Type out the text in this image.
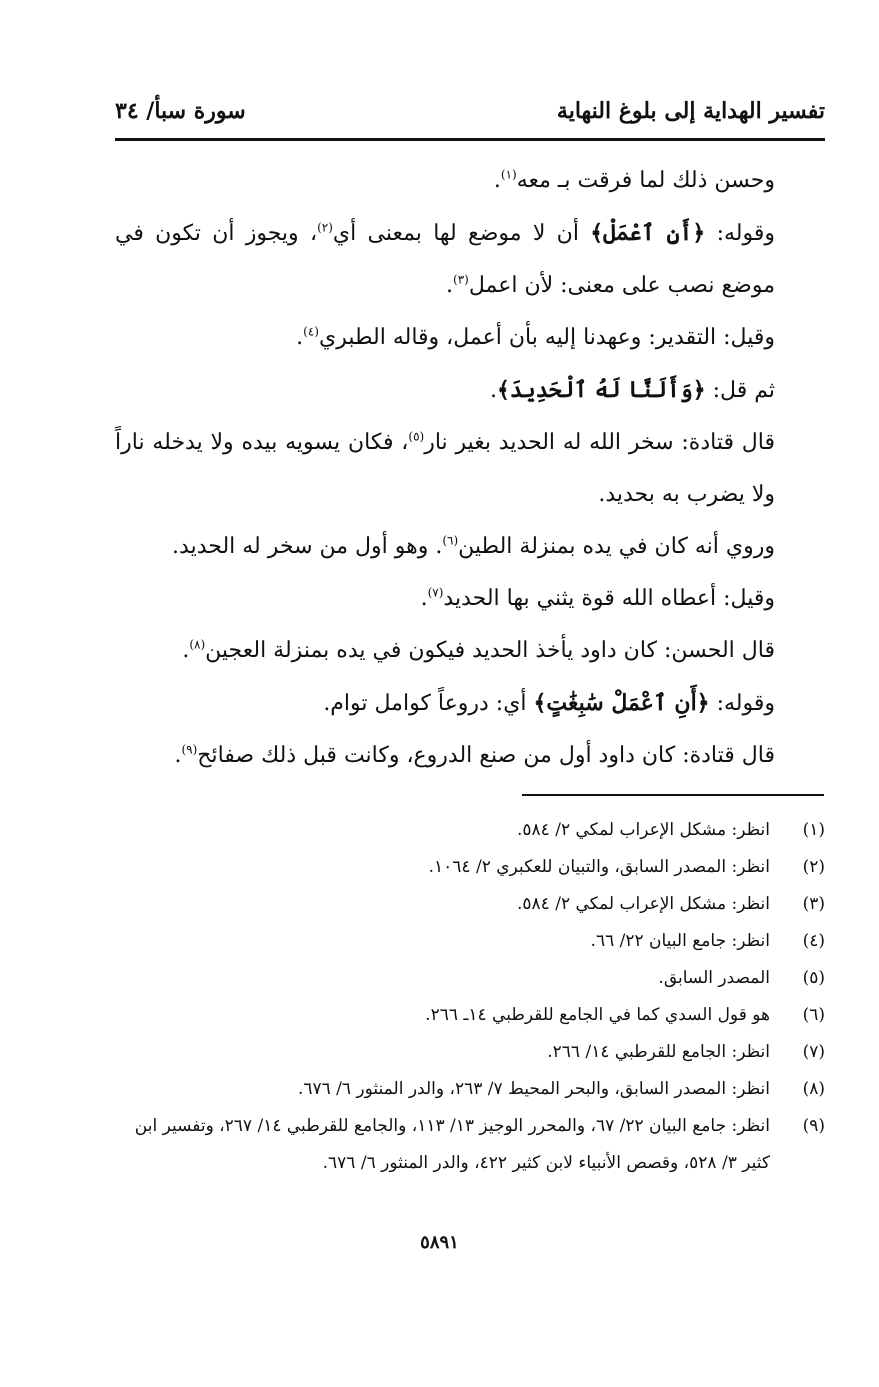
تفسير الهداية إلى بلوغ النهاية
سورة سبأ/ ٣٤

وحسن ذلك لما فرقت بـ معه$^{(١)}$.

وقوله: ﴿أَنِ ٱعْمَلْ﴾ أن لا موضع لها بمعنى أي$^{(٢)}$، ويجوز أن تكون في موضع نصب على معنى: لأن اعمل$^{(٣)}$.

وقيل: التقدير: وعهدنا إليه بأن أعمل، وقاله الطبري$^{(٤)}$.

ثم قل: ﴿وَأَلَنَّا لَهُ ٱلْحَدِيدَ﴾.

قال قتادة: سخر الله له الحديد بغير نار$^{(٥)}$، فكان يسويه بيده ولا يدخله ناراً ولا يضرب به بحديد.

وروي أنه كان في يده بمنزلة الطين$^{(٦)}$. وهو أول من سخر له الحديد.

وقيل: أعطاه الله قوة يثني بها الحديد$^{(٧)}$.

قال الحسن: كان داود يأخذ الحديد فيكون في يده بمنزلة العجين$^{(٨)}$.

وقوله: ﴿أَنِ ٱعْمَلْ سَٰبِغَٰتٍ﴾ أي: دروعاً كوامل توام.

قال قتادة: كان داود أول من صنع الدروع، وكانت قبل ذلك صفائح$^{(٩)}$.

(١)
انظر: مشكل الإعراب لمكي ٢/ ٥٨٤.
(٢)
انظر: المصدر السابق، والتبيان للعكبري ٢/ ١٠٦٤.
(٣)
انظر: مشكل الإعراب لمكي ٢/ ٥٨٤.
(٤)
انظر: جامع البيان ٢٢/ ٦٦.
(٥)
المصدر السابق.
(٦)
هو قول السدي كما في الجامع للقرطبي ١٤ـ ٢٦٦.
(٧)
انظر: الجامع للقرطبي ١٤/ ٢٦٦.
(٨)
انظر: المصدر السابق، والبحر المحيط ٧/ ٢٦٣، والدر المنثور ٦/ ٦٧٦.
(٩)
انظر: جامع البيان ٢٢/ ٦٧، والمحرر الوجيز ١٣/ ١١٣، والجامع للقرطبي ١٤/ ٢٦٧، وتفسير ابن كثير ٣/ ٥٢٨، وقصص الأنبياء لابن كثير ٤٢٢، والدر المنثور ٦/ ٦٧٦.
٥٨٩١
